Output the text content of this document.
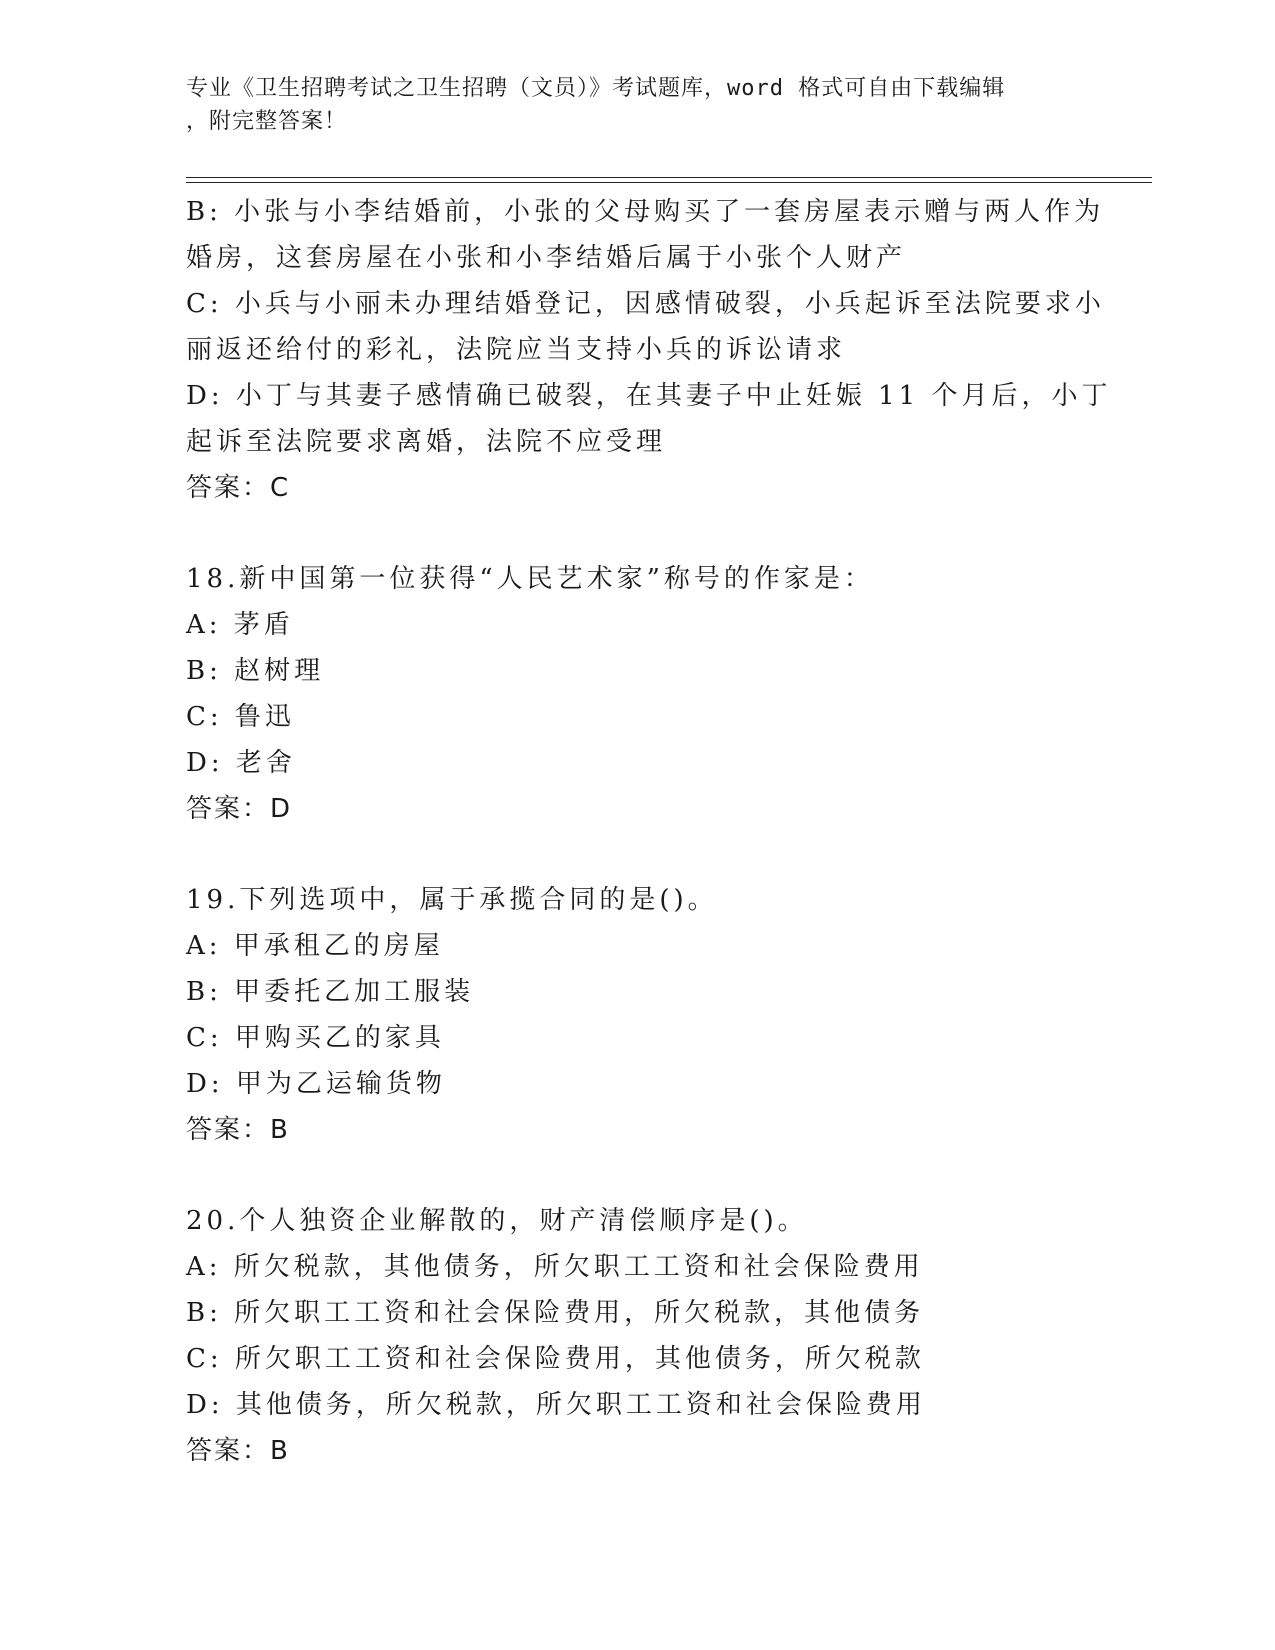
专业《卫生招聘考试之卫生招聘（文员）》考试题库，word 格式可自由下载编辑
，附完整答案！
B: 小张与小李结婚前，小张的父母购买了一套房屋表示赠与两人作为
婚房，这套房屋在小张和小李结婚后属于小张个人财产
C: 小兵与小丽未办理结婚登记，因感情破裂，小兵起诉至法院要求小
丽返还给付的彩礼，法院应当支持小兵的诉讼请求
D: 小丁与其妻子感情确已破裂，在其妻子中止妊娠 11 个月后，小丁
起诉至法院要求离婚，法院不应受理
答案：C
18.新中国第一位获得“人民艺术家”称号的作家是：
A: 茅盾
B: 赵树理
C: 鲁迅
D: 老舍
答案：D
19.下列选项中，属于承揽合同的是()。
A: 甲承租乙的房屋
B: 甲委托乙加工服装
C: 甲购买乙的家具
D: 甲为乙运输货物
答案：B
20.个人独资企业解散的，财产清偿顺序是()。
A: 所欠税款，其他债务，所欠职工工资和社会保险费用
B: 所欠职工工资和社会保险费用，所欠税款，其他债务
C: 所欠职工工资和社会保险费用，其他债务，所欠税款
D: 其他债务，所欠税款，所欠职工工资和社会保险费用
答案：B
